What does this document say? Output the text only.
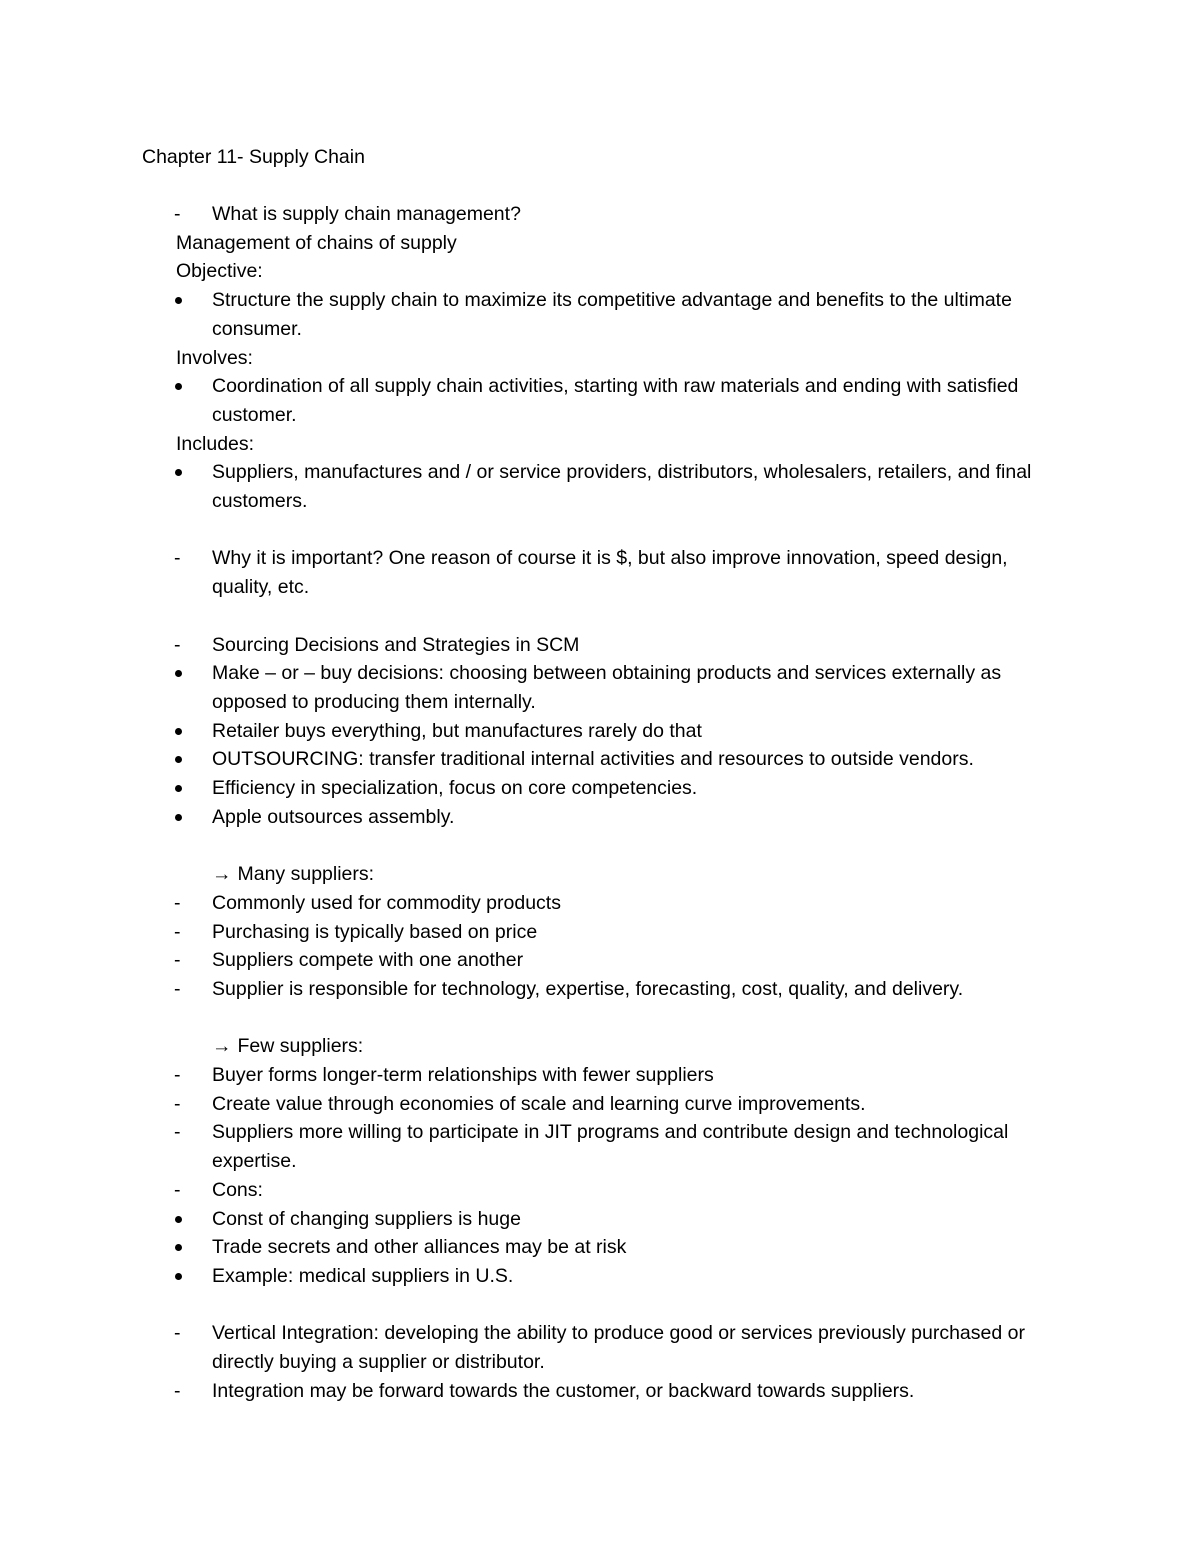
Chapter 11- Supply Chain
- What is supply chain management?
Management of chains of supply
Objective:
Structure the supply chain to maximize its competitive advantage and benefits to the ultimate consumer.
Involves:
Coordination of all supply chain activities, starting with raw materials and ending with satisfied customer.
Includes:
Suppliers, manufactures and / or service providers, distributors, wholesalers, retailers, and final customers.
- Why it is important? One reason of course it is $, but also improve innovation, speed design, quality, etc.
- Sourcing Decisions and Strategies in SCM
Make – or – buy decisions: choosing between obtaining products and services externally as opposed to producing them internally.
Retailer buys everything, but manufactures rarely do that
OUTSOURCING: transfer traditional internal activities and resources to outside vendors.
Efficiency in specialization, focus on core competencies.
Apple outsources assembly.
→ Many suppliers:
- Commonly used for commodity products
- Purchasing is typically based on price
- Suppliers compete with one another
- Supplier is responsible for technology, expertise, forecasting, cost, quality, and delivery.
→ Few suppliers:
- Buyer forms longer-term relationships with fewer suppliers
- Create value through economies of scale and learning curve improvements.
- Suppliers more willing to participate in JIT programs and contribute design and technological expertise.
- Cons:
Const of changing suppliers is huge
Trade secrets and other alliances may be at risk
Example: medical suppliers in U.S.
- Vertical Integration: developing the ability to produce good or services previously purchased or directly buying a supplier or distributor.
- Integration may be forward towards the customer, or backward towards suppliers.
